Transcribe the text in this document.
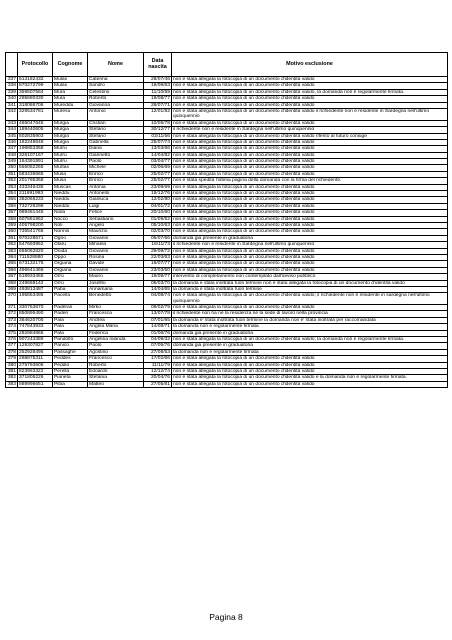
	Protocollo	Cognome	Nome	Data nascita	Motivo esclusione
337	613182432	Mulas	Caterina	28/07/46	non è stata allegata la fotocopia di un documento d'identità valido
338	870272799	Mulas	Sandro	19/09/63	non è stata allegata la fotocopia di un documento d'identità valido
339	359507584	Mura	Celestino	11/10/59	non è stata allegata la fotocopia di un documento d'identità valido, la domanda non è regolarmente firmata.
340	295680330	Mura	Roberto	19/08/77	non è stata allegata la fotocopia di un documento d'identità valido
341	318086706	Mureddu	Giovanna	28/07/71	non è stata allegata la fotocopia di un documento d'identità valido
342	329534781	Muresu	Antonio	12/01/82	non è stata allegata la fotocopia di un documento d'identità valido il richiedente non è residente in Sardegna nell'ultimo quinquennio
343	465047645	Murgia	Cristian	10/05/78	non è stata allegata la fotocopia di un documento d'identità valido
344	189440605	Murgia	Stefano	30/12/77	il richiedente non è residente in Sardegna nell'ultimo quinquennio
345	502835903	Murgia	Stefano	03/11/66	non è stata allegata la fotocopia di un documento d'identità valido riferito al futuro coniuge
346	182248648	Murgia	Gabriella	25/07/74	non è stata allegata la fotocopia di un documento d'identità valido
347	196853358	Murru	Diana	13/03/66	non è stata allegata la fotocopia di un documento d'identità valido
348	326107167	Murru	Giannetto	14/04/82	non è stata allegata la fotocopia di un documento d'identità valido
349	164391891	Murru	Paolo	03/04/77	non è stata allegata la fotocopia di un documento d'identità valido
350	556052255	Murtas	Michele	02/06/69	non è stata allegata la fotocopia di un documento d'identità valido
351	583436665	Musa	Enrico	25/02/77	non è stata allegata la fotocopia di un documento d'identità valido
352	201795358	Musa	Enrico	25/02/77	non è stata spedita l'ultima pagina della domanda con la firma del richiedente.
353	433346435	Muscas	Antonia	23/09/69	non è stata allegata la fotocopia di un documento d'identità valido
354	211691993	Nieddu	Antonello	19/12/76	non è stata allegata la fotocopia di un documento d'identità valido
355	382066233	Nieddu	Gianluca	12/02/80	non è stata allegata la fotocopia di un documento d'identità valido
356	732726298	Nieddu	Luigi	04/01/72	non è stata allegata la fotocopia di un documento d'identità valido
357	989481445	Niola	Felice	20/10/60	non è stata allegata la fotocopia di un documento d'identità valido
358	607861962	Nocco	Sebastiano	01/09/52	non è stata allegata la fotocopia di un documento d'identità valido
359	405798200	Noli	Angelo	05/10/63	non è stata allegata la fotocopia di un documento d'identità valido
360	735541766	Nonnis	Maurizio	02/03/70	non è stata allegata la fotocopia di un documento d'identità valido
361	970228671	Ogno	Giovanni	05/07/56	domanda già presente in graduatoria
362	547693952	Olaru	Mihaela	16/11/73	il richiedente non è residente in Sardegna nell'ultimo quinquennio
363	665062620	Onida	Giovanni	29/09/72	non è stata allegata la fotocopia di un documento d'identità valido
364	711528880	Oppo	Rosina	22/03/63	non è stata allegata la fotocopia di un documento d'identità valido
365	673132176	Orgiana	Davide	16/07/77	non è stata allegata la fotocopia di un documento d'identità valido
366	496641466	Orgiana	Giovanni	23/03/50	non è stata allegata la fotocopia di un documento d'identità valido
367	518933466	Orrù	Mauro	19/09/77	intervento di completamento non contemplato dall'avviso pubblico
368	249668142	Orrù	Josellto	05/03/70	la domanda è stata inoltrata fuori termine non è stata allegata la fotocopia di un documento d'identità valido
369	493813487	Paba	Annamaria	14/04/65	la domanda è stata inoltrata fuori termine
370	195653495	Pacella	Benedetto	04/08/74	non è stata allegata la fotocopia di un documento d'identità valido; il richiedente non è residente in sardegna nell'ultimo quinquennio
371	330763670	Paderas	Mirko	09/02/79	non è stata allegata la fotocopia di un documento d'identità valido
372	850895490	Paderi	Francesca	13/07/78	il richiedente non ha né la residenza né la sede di lavoro nella provincia
373	384620705	Pala	Andrea	07/01/65	la domanda e' stata inoltrata fuori termine la domanda non e' stata inoltrata per raccomandata
374	747843933	Pala	Angela Maria	14/08/71	la domanda non è regolarmente firmata
375	282984866	Pala	Federica	01/06/76	domanda già presente in graduatoria
376	907243389	Pandolfo	Angelina Iolanda	04/09/32	non è stata allegata la fotocopia di un documento d'identità valido; la domanda non è regolarmente firmata.
377	129307827	Panico	Paolo	07/05/76	domanda già presente in graduatoria
378	252928495	Passaghe	Agostino	27/08/53	la domanda non è regolarmente firmata
379	298875311	Peddes	Francesco	17/02/66	non è stata allegata la fotocopia di un documento d'identità valido
380	275793606	Peddio	Roberto	11/11/79	non è stata allegata la fotocopia di un documento d'identità valido
381	823963322	Perella	Edoardo	12/12/74	non è stata allegata la fotocopia di un documento d'identità valido
382	371805226	Pianeta	Stefania	20/04/76	non è stata allegata la fotocopia di un documento d'identità valido e la domanda non è regolarmente firmata.
383	889996651	Pibia	Matteo	27/05/81	non è stata allegata la fotocopia di un documento d'identità valido
Pagina 8
